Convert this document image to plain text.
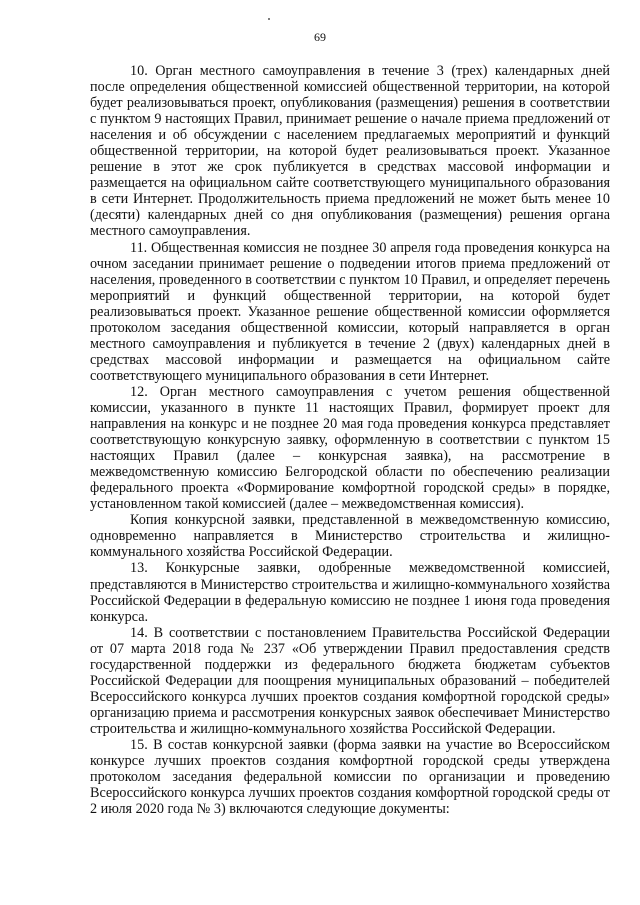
69

10. Орган местного самоуправления в течение 3 (трех) календарных дней после определения общественной комиссией общественной территории, на которой будет реализовываться проект, опубликования (размещения) решения в соответствии с пунктом 9 настоящих Правил, принимает решение о начале приема предложений от населения и об обсуждении с населением предлагаемых мероприятий и функций общественной территории, на которой будет реализовываться проект. Указанное решение в этот же срок публикуется в средствах массовой информации и размещается на официальном сайте соответствующего муниципального образования в сети Интернет. Продолжительность приема предложений не может быть менее 10 (десяти) календарных дней со дня опубликования (размещения) решения органа местного самоуправления.

11. Общественная комиссия не позднее 30 апреля года проведения конкурса на очном заседании принимает решение о подведении итогов приема предложений от населения, проведенного в соответствии с пунктом 10 Правил, и определяет перечень мероприятий и функций общественной территории, на которой будет реализовываться проект. Указанное решение общественной комиссии оформляется протоколом заседания общественной комиссии, который направляется в орган местного самоуправления и публикуется в течение 2 (двух) календарных дней в средствах массовой информации и размещается на официальном сайте соответствующего муниципального образования в сети Интернет.

12. Орган местного самоуправления с учетом решения общественной комиссии, указанного в пункте 11 настоящих Правил, формирует проект для направления на конкурс и не позднее 20 мая года проведения конкурса представляет соответствующую конкурсную заявку, оформленную в соответствии с пунктом 15 настоящих Правил (далее – конкурсная заявка), на рассмотрение в межведомственную комиссию Белгородской области по обеспечению реализации федерального проекта «Формирование комфортной городской среды» в порядке, установленном такой комиссией (далее – межведомственная комиссия).

Копия конкурсной заявки, представленной в межведомственную комиссию, одновременно направляется в Министерство строительства и жилищно-коммунального хозяйства Российской Федерации.

13. Конкурсные заявки, одобренные межведомственной комиссией, представляются в Министерство строительства и жилищно-коммунального хозяйства Российской Федерации в федеральную комиссию не позднее 1 июня года проведения конкурса.

14. В соответствии с постановлением Правительства Российской Федерации от 07 марта 2018 года № 237 «Об утверждении Правил предоставления средств государственной поддержки из федерального бюджета бюджетам субъектов Российской Федерации для поощрения муниципальных образований – победителей Всероссийского конкурса лучших проектов создания комфортной городской среды» организацию приема и рассмотрения конкурсных заявок обеспечивает Министерство строительства и жилищно-коммунального хозяйства Российской Федерации.

15. В состав конкурсной заявки (форма заявки на участие во Всероссийском конкурсе лучших проектов создания комфортной городской среды утверждена протоколом заседания федеральной комиссии по организации и проведению Всероссийского конкурса лучших проектов создания комфортной городской среды от 2 июля 2020 года № 3) включаются следующие документы:
